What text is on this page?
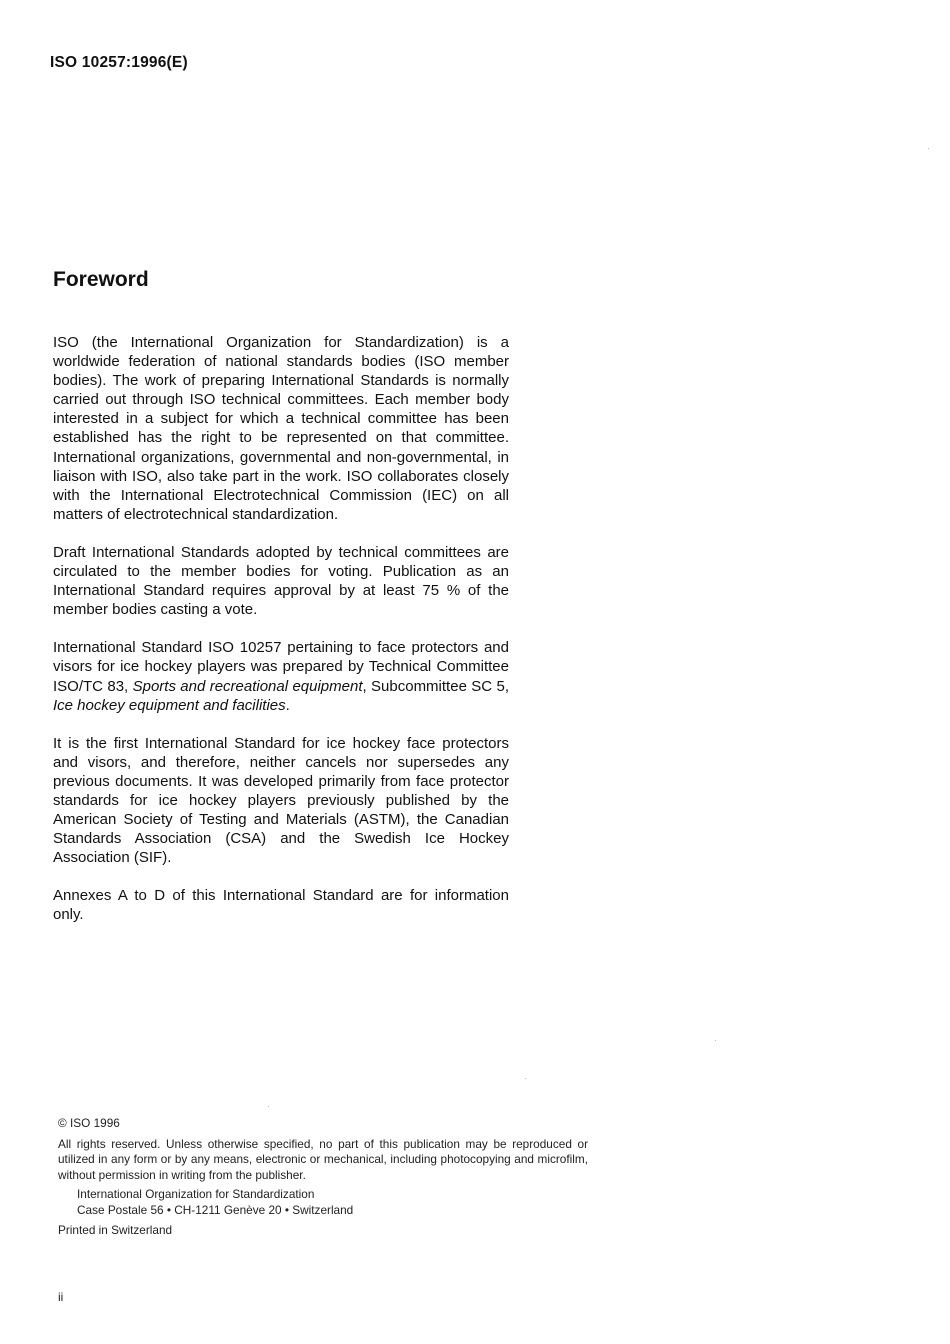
ISO 10257:1996(E)
Foreword

ISO (the International Organization for Standardization) is a worldwide federation of national standards bodies (ISO member bodies). The work of preparing International Standards is normally carried out through ISO technical committees. Each member body interested in a subject for which a technical committee has been established has the right to be represented on that committee. International organizations, governmental and non-governmental, in liaison with ISO, also take part in the work. ISO collaborates closely with the International Electrotechnical Commission (IEC) on all matters of electrotechnical standardization.

Draft International Standards adopted by technical committees are circulated to the member bodies for voting. Publication as an International Standard requires approval by at least 75 % of the member bodies casting a vote.

International Standard ISO 10257 pertaining to face protectors and visors for ice hockey players was prepared by Technical Committee ISO/TC 83, Sports and recreational equipment, Subcommittee SC 5, Ice hockey equipment and facilities.

It is the first International Standard for ice hockey face protectors and visors, and therefore, neither cancels nor supersedes any previous documents. It was developed primarily from face protector standards for ice hockey players previously published by the American Society of Testing and Materials (ASTM), the Canadian Standards Association (CSA) and the Swedish Ice Hockey Association (SIF).

Annexes A to D of this International Standard are for information only.

© ISO 1996

All rights reserved. Unless otherwise specified, no part of this publication may be reproduced or utilized in any form or by any means, electronic or mechanical, including photocopying and microfilm, without permission in writing from the publisher.

International Organization for Standardization
Case Postale 56 • CH-1211 Genève 20 • Switzerland

Printed in Switzerland

ii
